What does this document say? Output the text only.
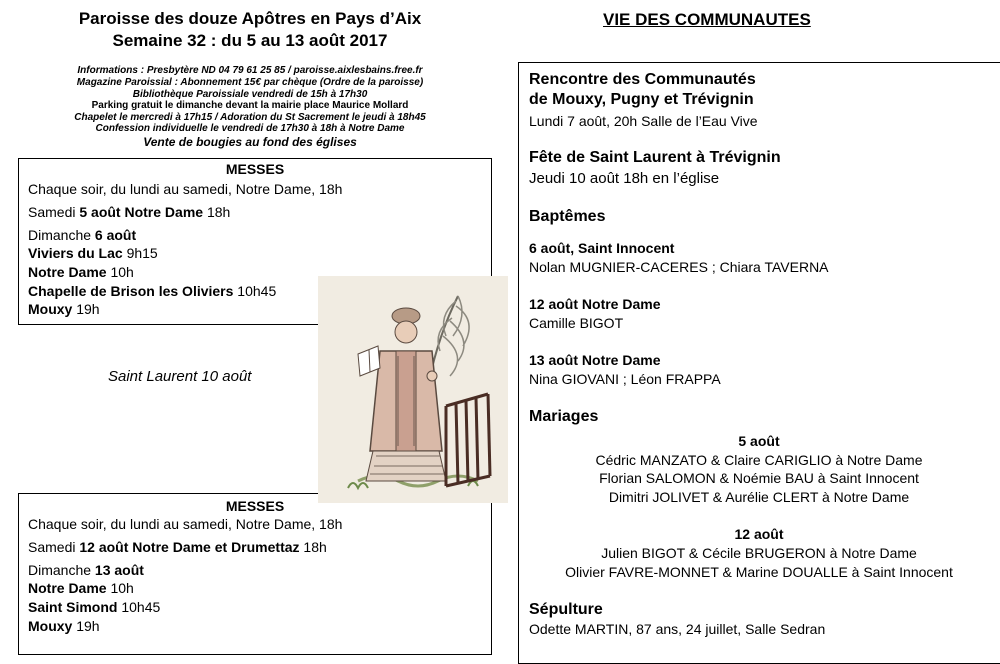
Paroisse des douze Apôtres en Pays d’Aix
Semaine 32 : du 5 au 13 août 2017
Informations : Presbytère ND 04 79 61 25 85 / paroisse.aixlesbains.free.fr
Magazine Paroissial : Abonnement 15€ par chèque (Ordre de la paroisse)
Bibliothèque Paroissiale vendredi de 15h à 17h30
Parking gratuit le dimanche devant la mairie place Maurice Mollard
Chapelet le mercredi à 17h15 / Adoration du St Sacrement le jeudi à 18h45
Confession individuelle le vendredi de 17h30 à 18h à Notre Dame
Vente de bougies au fond des églises
MESSES
Chaque soir, du lundi au samedi, Notre Dame, 18h
Samedi 5 août Notre Dame 18h
Dimanche 6 août
Viviers du Lac 9h15
Notre Dame 10h
Chapelle de Brison les Oliviers 10h45
Mouxy 19h
Saint Laurent 10 août
MESSES
Chaque soir, du lundi au samedi, Notre Dame, 18h
Samedi 12 août Notre Dame et Drumettaz 18h
Dimanche 13 août
Notre Dame 10h
Saint Simond 10h45
Mouxy 19h
VIE DES COMMUNAUTES
Rencontre des Communautés
de Mouxy, Pugny et Trévignin
Lundi 7 août, 20h Salle de l’Eau Vive
Fête de Saint Laurent à Trévignin
Jeudi 10 août 18h en l’église
Baptêmes
6 août, Saint Innocent
Nolan MUGNIER-CACERES ; Chiara TAVERNA
12 août Notre Dame
Camille BIGOT
13 août Notre Dame
Nina GIOVANI ; Léon FRAPPA
Mariages
5 août
Cédric MANZATO & Claire CARIGLIO à Notre Dame
Florian SALOMON & Noémie BAU à Saint Innocent
Dimitri JOLIVET & Aurélie CLERT à Notre Dame
12 août
Julien BIGOT & Cécile BRUGERON à Notre Dame
Olivier FAVRE-MONNET & Marine DOUALLE à Saint Innocent
Sépulture
Odette MARTIN, 87 ans, 24 juillet, Salle Sedran
